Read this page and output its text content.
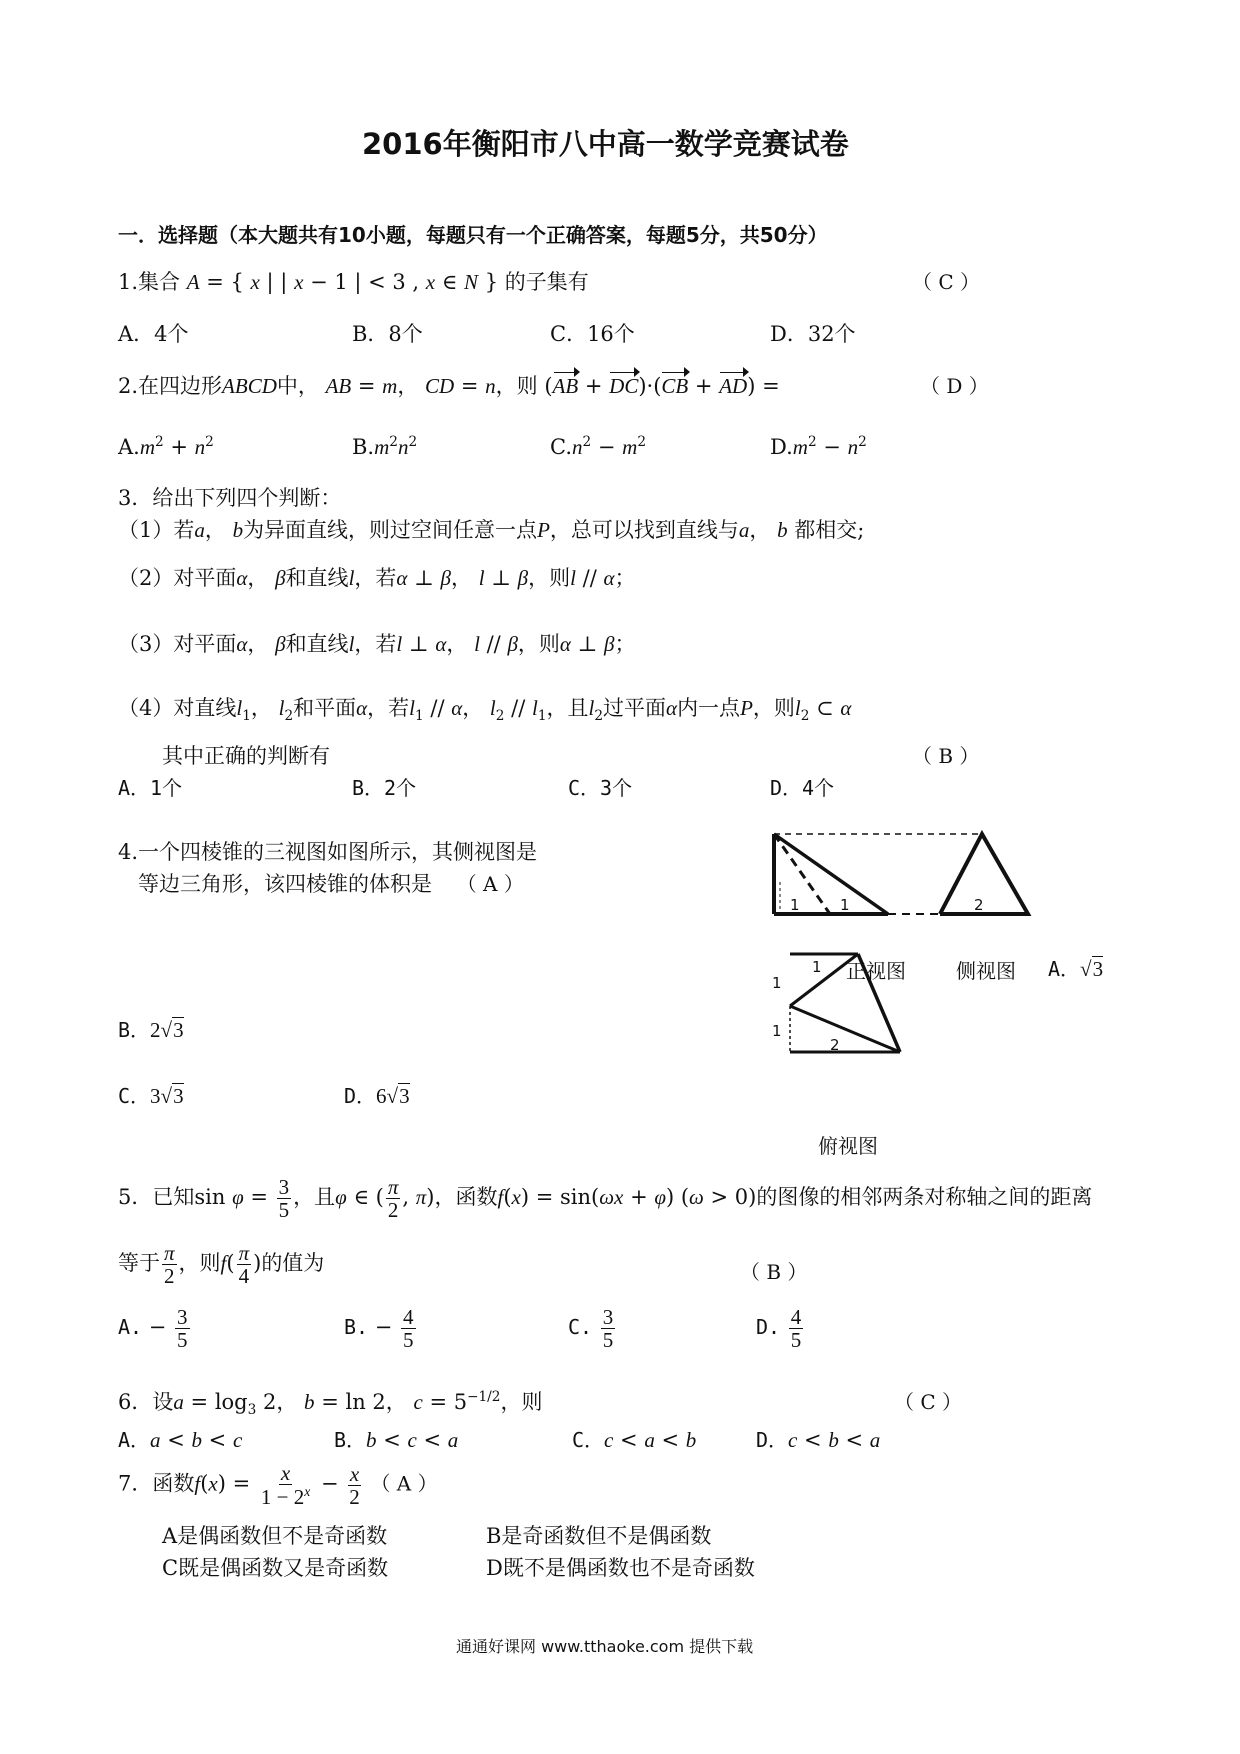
2016年衡阳市八中高一数学竞赛试卷
一．选择题（本大题共有10小题，每题只有一个正确答案，每题5分，共50分）
1.集合 A = { x | | x − 1 | < 3 , x ∈ N } 的子集有	（ C ）
A．4个	B．8个	C．16个	D．32个
2.在四边形ABCD中， AB = m， CD = n，则 (AB + DC)·(CB + AD) =	（ D ）
$A.m^2 + n^2$	$B.m^2n^2$	$C.n^2 - m^2$	$D.m^2 - n^2$
3．给出下列四个判断：
（1）若a， b为异面直线，则过空间任意一点P，总可以找到直线与a， b 都相交;
（2）对平面α， β和直线l，若α ⊥ β， l ⊥ β，则l // α；
（3）对平面α， β和直线l，若l ⊥ α， l // β，则α ⊥ β；
（4）对直线$l_1$， $l_2$和平面α，若$l_1$ // α， $l_2 // l_1$，且$l_2$过平面α内一点P，则$l_2$ ⊂ α
其中正确的判断有	（ B ）
A．1个	B．2个	C．3个	D．4个
4.一个四棱锥的三视图如图所示，其侧视图是
等边三角形，该四棱锥的体积是 （ A ）
1	1	2
1
1
1
2
正视图	侧视图 A．√3
俯视图
B．2√3
C．3√3	D．6√3
5．已知$\sin \varphi = \frac{3}{5}$ ，且φ ∈ ( $\frac{\pi}{2}$ , π)，函数f(x) = sin(ωx + φ) (ω > 0)的图像的相邻两条对称轴之间的距离
等于 $\frac{\pi}{2}$ ，则$f( \frac{\pi}{4}$ )的值为	（ B ）
A. − $\frac{3}{5}$	B. − $\frac{4}{5}$	C. $\frac{3}{5}$	D. $\frac{4}{5}$
6．设$a = \log_3 2$， b = ln 2， $c = 5^{-1/2}$，则	（ C ）
A．a < b < c	B．b < c < a	C．c < a < b	D．c < b < a
7．函数$f(x) = \frac{x}{1 - 2^x} - \frac{x}{2}$ （ A ）
A是偶函数但不是奇函数	B是奇函数但不是偶函数
C既是偶函数又是奇函数	D既不是偶函数也不是奇函数
通通好课网 www.tthaoke.com 提供下载
